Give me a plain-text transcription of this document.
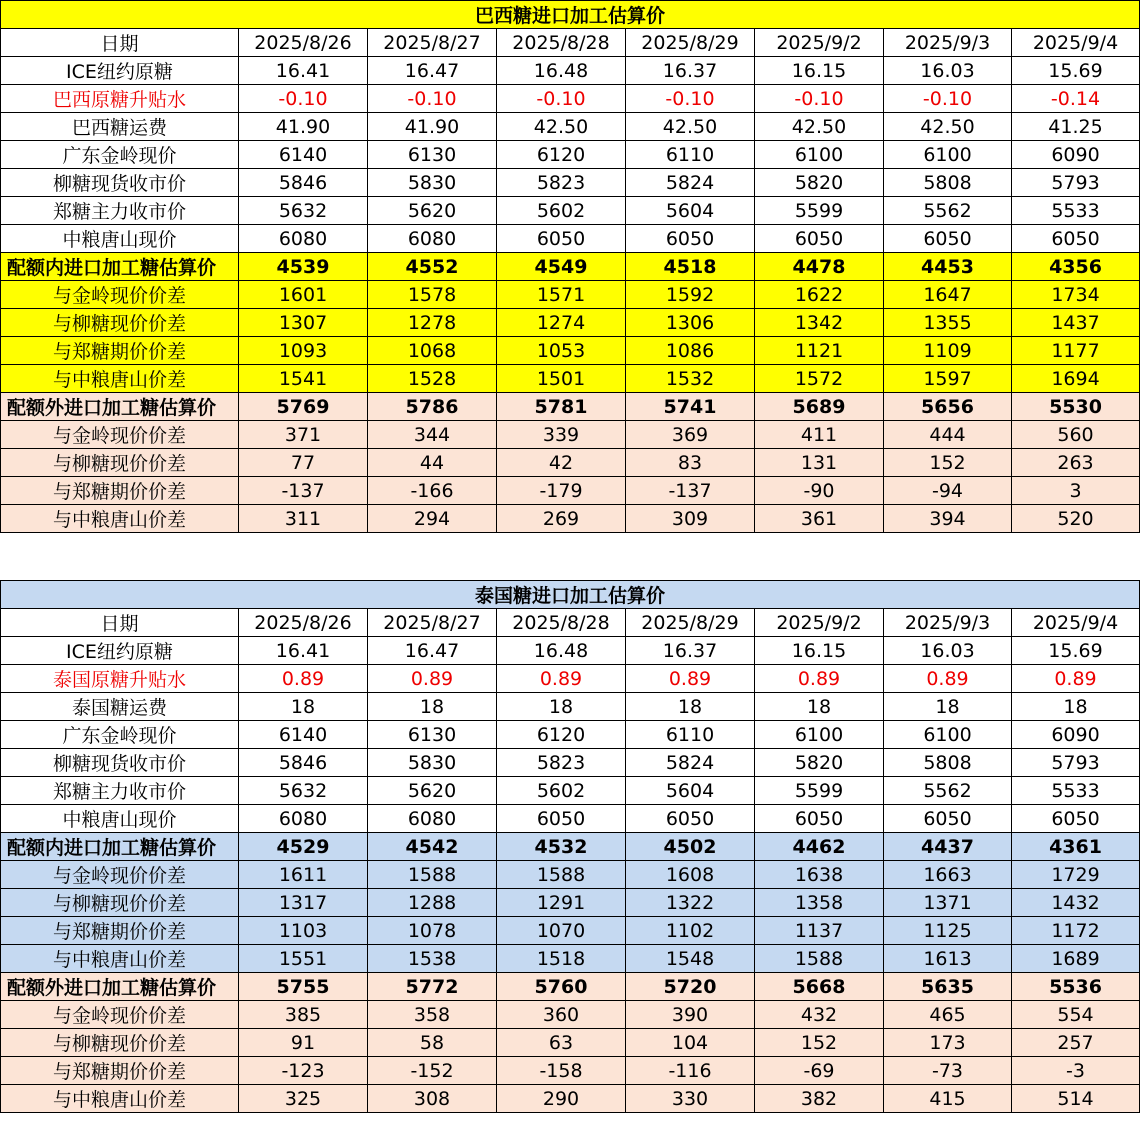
巴西糖进口加工估算价							
日期	2025/8/26	2025/8/27	2025/8/28	2025/8/29	2025/9/2	2025/9/3	2025/9/4
ICE纽约原糖	16.41	16.47	16.48	16.37	16.15	16.03	15.69
巴西原糖升贴水	-0.10	-0.10	-0.10	-0.10	-0.10	-0.10	-0.14
巴西糖运费	41.90	41.90	42.50	42.50	42.50	42.50	41.25
广东金岭现价	6140	6130	6120	6110	6100	6100	6090
柳糖现货收市价	5846	5830	5823	5824	5820	5808	5793
郑糖主力收市价	5632	5620	5602	5604	5599	5562	5533
中粮唐山现价	6080	6080	6050	6050	6050	6050	6050
配额内进口加工糖估算价	4539	4552	4549	4518	4478	4453	4356
与金岭现价价差	1601	1578	1571	1592	1622	1647	1734
与柳糖现价价差	1307	1278	1274	1306	1342	1355	1437
与郑糖期价价差	1093	1068	1053	1086	1121	1109	1177
与中粮唐山价差	1541	1528	1501	1532	1572	1597	1694
配额外进口加工糖估算价	5769	5786	5781	5741	5689	5656	5530
与金岭现价价差	371	344	339	369	411	444	560
与柳糖现价价差	77	44	42	83	131	152	263
与郑糖期价价差	-137	-166	-179	-137	-90	-94	3
与中粮唐山价差	311	294	269	309	361	394	520
泰国糖进口加工估算价							
日期	2025/8/26	2025/8/27	2025/8/28	2025/8/29	2025/9/2	2025/9/3	2025/9/4
ICE纽约原糖	16.41	16.47	16.48	16.37	16.15	16.03	15.69
泰国原糖升贴水	0.89	0.89	0.89	0.89	0.89	0.89	0.89
泰国糖运费	18	18	18	18	18	18	18
广东金岭现价	6140	6130	6120	6110	6100	6100	6090
柳糖现货收市价	5846	5830	5823	5824	5820	5808	5793
郑糖主力收市价	5632	5620	5602	5604	5599	5562	5533
中粮唐山现价	6080	6080	6050	6050	6050	6050	6050
配额内进口加工糖估算价	4529	4542	4532	4502	4462	4437	4361
与金岭现价价差	1611	1588	1588	1608	1638	1663	1729
与柳糖现价价差	1317	1288	1291	1322	1358	1371	1432
与郑糖期价价差	1103	1078	1070	1102	1137	1125	1172
与中粮唐山价差	1551	1538	1518	1548	1588	1613	1689
配额外进口加工糖估算价	5755	5772	5760	5720	5668	5635	5536
与金岭现价价差	385	358	360	390	432	465	554
与柳糖现价价差	91	58	63	104	152	173	257
与郑糖期价价差	-123	-152	-158	-116	-69	-73	-3
与中粮唐山价差	325	308	290	330	382	415	514
